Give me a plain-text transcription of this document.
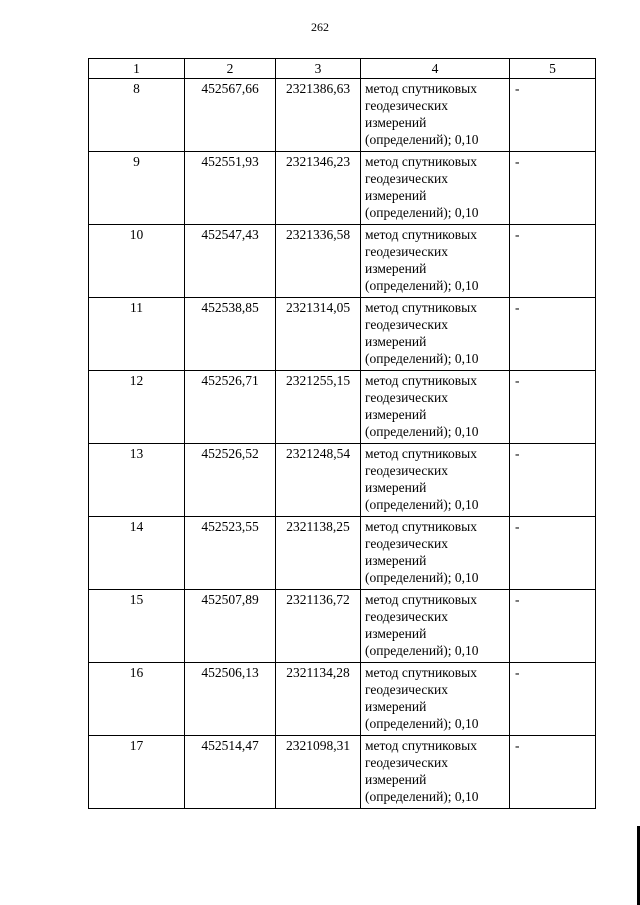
262
1	2	3	4	5
8	452567,66	2321386,63	метод спутниковых геодезических измерений (определений); 0,10	-
9	452551,93	2321346,23	метод спутниковых геодезических измерений (определений); 0,10	-
10	452547,43	2321336,58	метод спутниковых геодезических измерений (определений); 0,10	-
11	452538,85	2321314,05	метод спутниковых геодезических измерений (определений); 0,10	-
12	452526,71	2321255,15	метод спутниковых геодезических измерений (определений); 0,10	-
13	452526,52	2321248,54	метод спутниковых геодезических измерений (определений); 0,10	-
14	452523,55	2321138,25	метод спутниковых геодезических измерений (определений); 0,10	-
15	452507,89	2321136,72	метод спутниковых геодезических измерений (определений); 0,10	-
16	452506,13	2321134,28	метод спутниковых геодезических измерений (определений); 0,10	-
17	452514,47	2321098,31	метод спутниковых геодезических измерений (определений); 0,10	-
